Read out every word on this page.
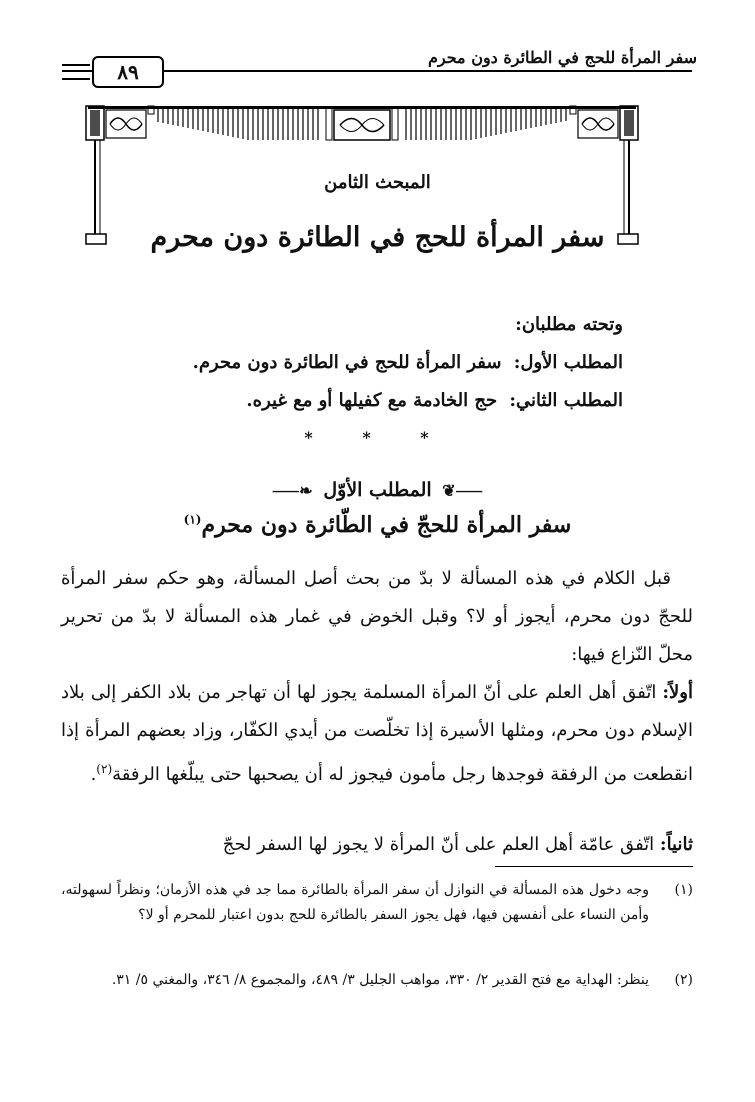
سفر المرأة للحج في الطائرة دون محرم
٨٩
المبحث الثامن
سفر المرأة للحج في الطائرة دون محرم
وتحته مطلبان:
المطلب الأول: سفر المرأة للحج في الطائرة دون محرم.
المطلب الثاني: حج الخادمة مع كفيلها أو مع غيره.
* * *
⸺❦ المطلب الأوّل ❧⸺
سفر المرأة للحجّ في الطّائرة دون محرم$^{(١)}$
قبل الكلام في هذه المسألة لا بدّ من بحث أصل المسألة، وهو حكم سفر المرأة للحجّ دون محرم، أيجوز أو لا؟ وقبل الخوض في غمار هذه المسألة لا بدّ من تحرير محلّ النّزاع فيها:
أولاً: اتّفق أهل العلم على أنّ المرأة المسلمة يجوز لها أن تهاجر من بلاد الكفر إلى بلاد الإسلام دون محرم، ومثلها الأسيرة إذا تخلّصت من أيدي الكفّار، وزاد بعضهم المرأة إذا انقطعت من الرفقة فوجدها رجل مأمون فيجوز له أن يصحبها حتى يبلّغها الرفقة$^{(٢)}$.
ثانياً: اتّفق عامّة أهل العلم على أنّ المرأة لا يجوز لها السفر لحجّ
(١)
وجه دخول هذه المسألة في النوازل أن سفر المرأة بالطائرة مما جد في هذه الأزمان؛ ونظراً لسهولته، وأمن النساء على أنفسهن فيها، فهل يجوز السفر بالطائرة للحج بدون اعتبار للمحرم أو لا؟
(٢)
ينظر: الهداية مع فتح القدير ٢/ ٣٣٠، مواهب الجليل ٣/ ٤٨٩، والمجموع ٨/ ٣٤٦، والمغني ٥/ ٣١.
